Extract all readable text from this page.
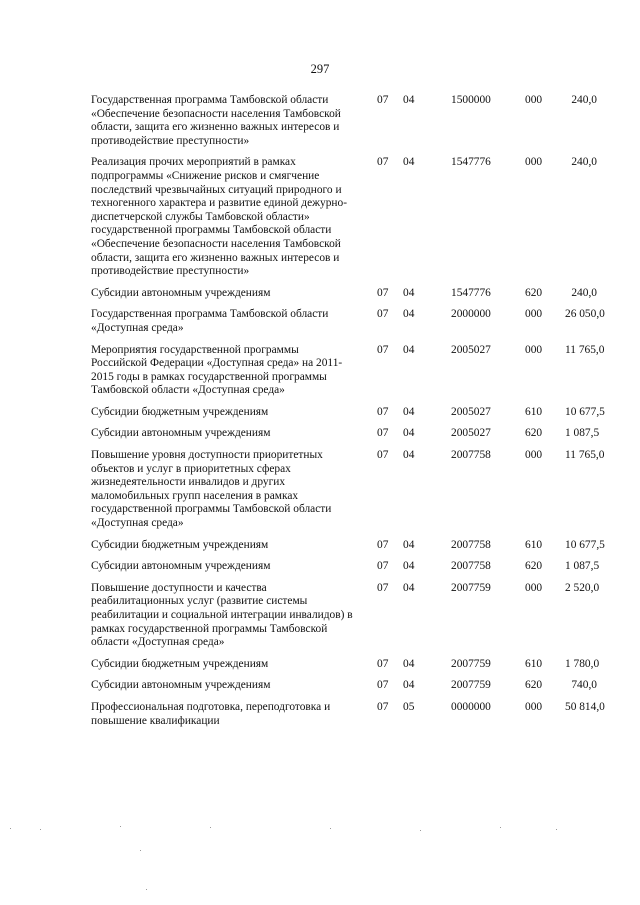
297
Государственная программа Тамбовской области «Обеспечение безопасности населения Тамбовской области, защита его жизненно важных интересов и противодействие преступности»	07	04	1500000	000	240,0
Реализация прочих мероприятий в рамках подпрограммы «Снижение рисков и смягчение последствий чрезвычайных ситуаций природного и техногенного характера и развитие единой дежурно-диспетчерской службы Тамбовской области» государственной программы Тамбовской области «Обеспечение безопасности населения Тамбовской области, защита его жизненно важных интересов и противодействие преступности»	07	04	1547776	000	240,0
Субсидии автономным учреждениям	07	04	1547776	620	240,0
Государственная программа Тамбовской области «Доступная среда»	07	04	2000000	000	26 050,0
Мероприятия государственной программы Российской Федерации «Доступная среда» на 2011-2015 годы в рамках государственной программы Тамбовской области «Доступная среда»	07	04	2005027	000	11 765,0
Субсидии бюджетным учреждениям	07	04	2005027	610	10 677,5
Субсидии автономным учреждениям	07	04	2005027	620	1 087,5
Повышение уровня доступности приоритетных объектов и услуг в приоритетных сферах жизнедеятельности инвалидов и других маломобильных групп населения в рамках государственной программы Тамбовской области «Доступная среда»	07	04	2007758	000	11 765,0
Субсидии бюджетным учреждениям	07	04	2007758	610	10 677,5
Субсидии автономным учреждениям	07	04	2007758	620	1 087,5
Повышение доступности и качества реабилитационных услуг (развитие системы реабилитации и социальной интеграции инвалидов) в рамках государственной программы Тамбовской области «Доступная среда»	07	04	2007759	000	2 520,0
Субсидии бюджетным учреждениям	07	04	2007759	610	1 780,0
Субсидии автономным учреждениям	07	04	2007759	620	740,0
Профессиональная подготовка, переподготовка и повышение квалификации	07	05	0000000	000	50 814,0
